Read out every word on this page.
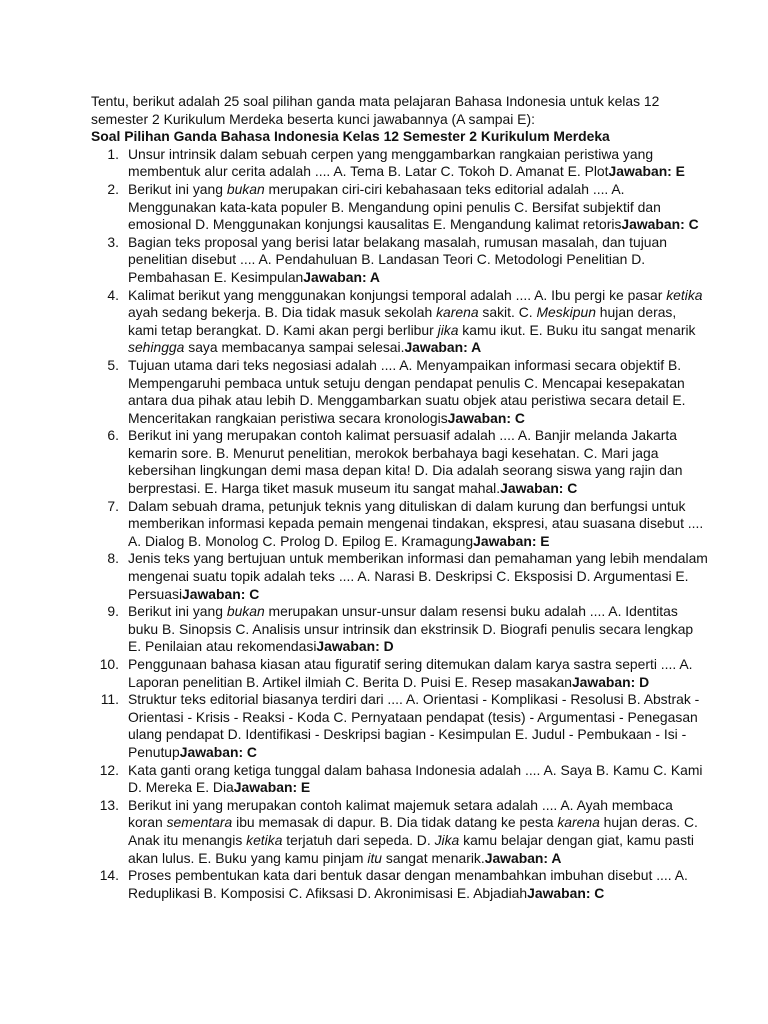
Tentu, berikut adalah 25 soal pilihan ganda mata pelajaran Bahasa Indonesia untuk kelas 12 semester 2 Kurikulum Merdeka beserta kunci jawabannya (A sampai E):

Soal Pilihan Ganda Bahasa Indonesia Kelas 12 Semester 2 Kurikulum Merdeka

1. Unsur intrinsik dalam sebuah cerpen yang menggambarkan rangkaian peristiwa yang membentuk alur cerita adalah .... A. Tema B. Latar C. Tokoh D. Amanat E. PlotJawaban: E
2. Berikut ini yang bukan merupakan ciri-ciri kebahasaan teks editorial adalah .... A. Menggunakan kata-kata populer B. Mengandung opini penulis C. Bersifat subjektif dan emosional D. Menggunakan konjungsi kausalitas E. Mengandung kalimat retorisJawaban: C
3. Bagian teks proposal yang berisi latar belakang masalah, rumusan masalah, dan tujuan penelitian disebut .... A. Pendahuluan B. Landasan Teori C. Metodologi Penelitian D. Pembahasan E. KesimpulanJawaban: A
4. Kalimat berikut yang menggunakan konjungsi temporal adalah .... A. Ibu pergi ke pasar ketika ayah sedang bekerja. B. Dia tidak masuk sekolah karena sakit. C. Meskipun hujan deras, kami tetap berangkat. D. Kami akan pergi berlibur jika kamu ikut. E. Buku itu sangat menarik sehingga saya membacanya sampai selesai.Jawaban: A
5. Tujuan utama dari teks negosiasi adalah .... A. Menyampaikan informasi secara objektif B. Mempengaruhi pembaca untuk setuju dengan pendapat penulis C. Mencapai kesepakatan antara dua pihak atau lebih D. Menggambarkan suatu objek atau peristiwa secara detail E. Menceritakan rangkaian peristiwa secara kronologisJawaban: C
6. Berikut ini yang merupakan contoh kalimat persuasif adalah .... A. Banjir melanda Jakarta kemarin sore. B. Menurut penelitian, merokok berbahaya bagi kesehatan. C. Mari jaga kebersihan lingkungan demi masa depan kita! D. Dia adalah seorang siswa yang rajin dan berprestasi. E. Harga tiket masuk museum itu sangat mahal.Jawaban: C
7. Dalam sebuah drama, petunjuk teknis yang dituliskan di dalam kurung dan berfungsi untuk memberikan informasi kepada pemain mengenai tindakan, ekspresi, atau suasana disebut .... A. Dialog B. Monolog C. Prolog D. Epilog E. KramagungJawaban: E
8. Jenis teks yang bertujuan untuk memberikan informasi dan pemahaman yang lebih mendalam mengenai suatu topik adalah teks .... A. Narasi B. Deskripsi C. Eksposisi D. Argumentasi E. PersuasiJawaban: C
9. Berikut ini yang bukan merupakan unsur-unsur dalam resensi buku adalah .... A. Identitas buku B. Sinopsis C. Analisis unsur intrinsik dan ekstrinsik D. Biografi penulis secara lengkap E. Penilaian atau rekomendasiJawaban: D
10. Penggunaan bahasa kiasan atau figuratif sering ditemukan dalam karya sastra seperti .... A. Laporan penelitian B. Artikel ilmiah C. Berita D. Puisi E. Resep masakanJawaban: D
11. Struktur teks editorial biasanya terdiri dari .... A. Orientasi - Komplikasi - Resolusi B. Abstrak - Orientasi - Krisis - Reaksi - Koda C. Pernyataan pendapat (tesis) - Argumentasi - Penegasan ulang pendapat D. Identifikasi - Deskripsi bagian - Kesimpulan E. Judul - Pembukaan - Isi - PenutupJawaban: C
12. Kata ganti orang ketiga tunggal dalam bahasa Indonesia adalah .... A. Saya B. Kamu C. Kami D. Mereka E. DiaJawaban: E
13. Berikut ini yang merupakan contoh kalimat majemuk setara adalah .... A. Ayah membaca koran sementara ibu memasak di dapur. B. Dia tidak datang ke pesta karena hujan deras. C. Anak itu menangis ketika terjatuh dari sepeda. D. Jika kamu belajar dengan giat, kamu pasti akan lulus. E. Buku yang kamu pinjam itu sangat menarik.Jawaban: A
14. Proses pembentukan kata dari bentuk dasar dengan menambahkan imbuhan disebut .... A. Reduplikasi B. Komposisi C. Afiksasi D. Akronimisasi E. AbjadiahJawaban: C
